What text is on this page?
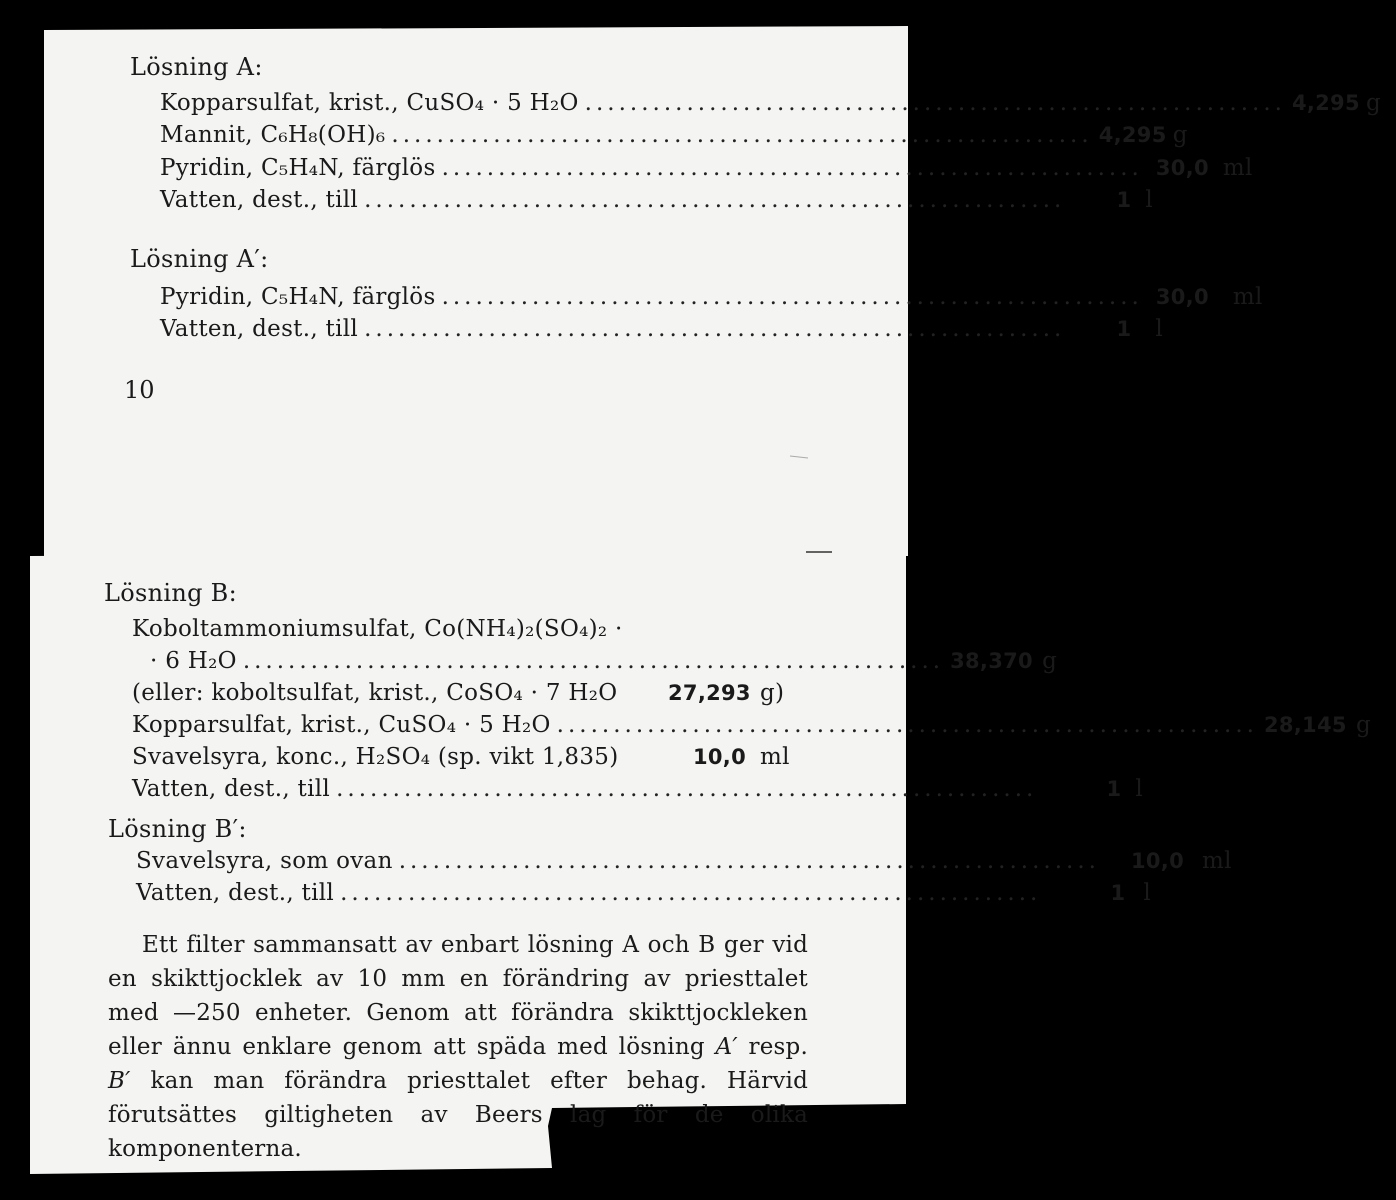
Lösning A:
Kopparsulfat, krist., CuSO₄ · 5 H₂O .............................................................. 4,295 g
Mannit, C₆H₈(OH)₆ .............................................................. 4,295 g
Pyridin, C₅H₄N, färglös .............................................................. 30,0 ml
Vatten, dest., till ..............................................................	1 l
Lösning A′:
Pyridin, C₅H₄N, färglös .............................................................. 30,0	ml
Vatten, dest., till ..............................................................	1	l
10
Lösning B:
Koboltammoniumsulfat, Co(NH₄)₂(SO₄)₂ ·
· 6 H₂O .............................................................. 38,370 g
(eller: koboltsulfat, krist., CoSO₄ · 7 H₂O 27,293 g)
Kopparsulfat, krist., CuSO₄ · 5 H₂O .............................................................. 28,145 g
Svavelsyra, konc., H₂SO₄ (sp. vikt 1,835)	10,0 ml
Vatten, dest., till ..............................................................	1 l
Lösning B′:
Svavelsyra, som ovan ..............................................................	10,0 ml
Vatten, dest., till ..............................................................	1 l

Ett filter sammansatt av enbart lösning A och B ger vid en skikttjocklek av 10 mm en förändring av priesttalet med —250 enheter. Genom att förändra skikttjockleken eller ännu enklare genom att späda med lösning A′ resp. B′ kan man förändra priesttalet efter behag. Härvid förutsättes giltigheten av Beers lag för de olika komponenterna.
